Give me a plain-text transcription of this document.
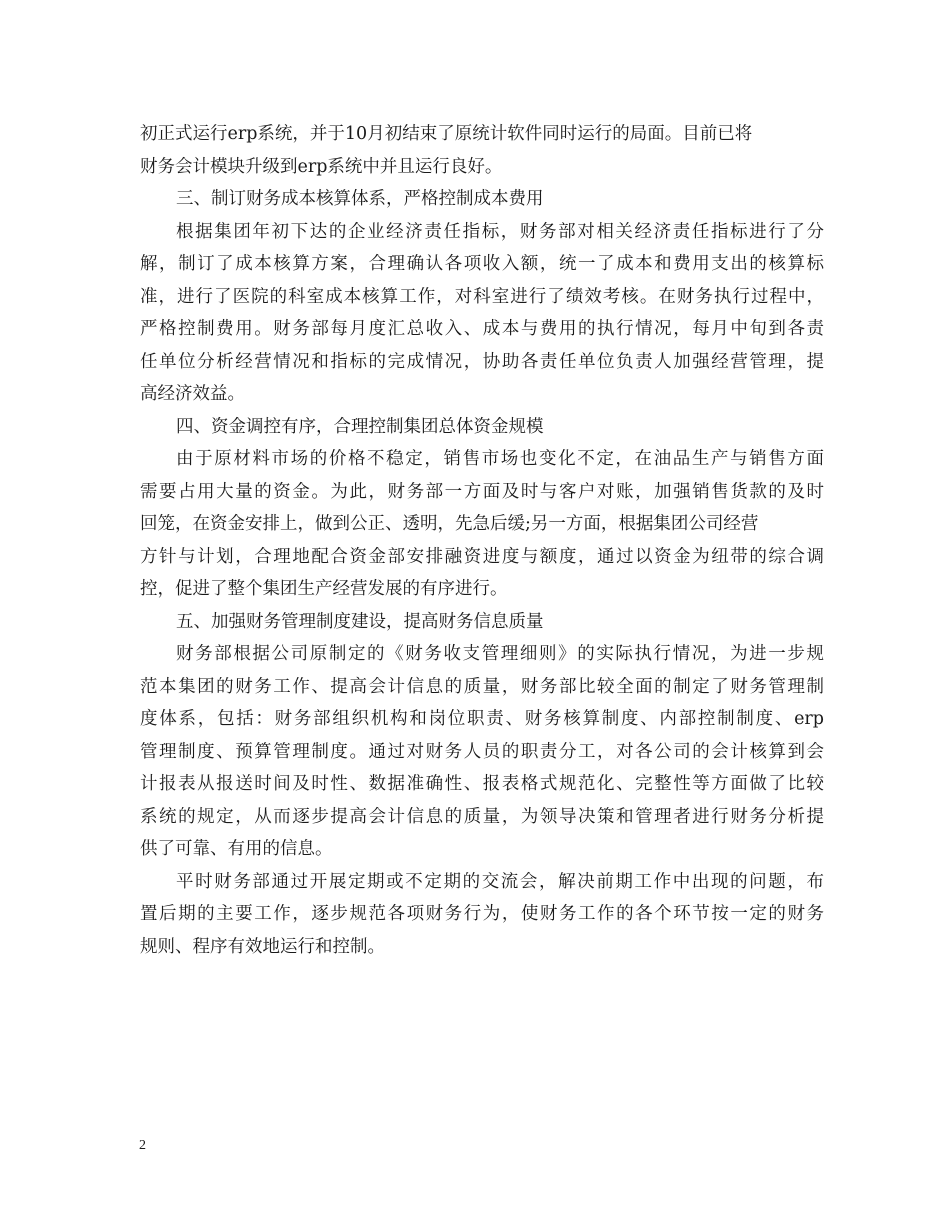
初正式运行erp系统，并于10月初结束了原统计软件同时运行的局面。目前已将
财务会计模块升级到erp系统中并且运行良好。
三、制订财务成本核算体系，严格控制成本费用
根据集团年初下达的企业经济责任指标，财务部对相关经济责任指标进行了分
解，制订了成本核算方案，合理确认各项收入额，统一了成本和费用支出的核算标
准，进行了医院的科室成本核算工作，对科室进行了绩效考核。在财务执行过程中，
严格控制费用。财务部每月度汇总收入、成本与费用的执行情况，每月中旬到各责
任单位分析经营情况和指标的完成情况，协助各责任单位负责人加强经营管理，提
高经济效益。
四、资金调控有序，合理控制集团总体资金规模
由于原材料市场的价格不稳定，销售市场也变化不定，在油品生产与销售方面
需要占用大量的资金。为此，财务部一方面及时与客户对账，加强销售货款的及时
回笼，在资金安排上，做到公正、透明，先急后缓;另一方面，根据集团公司经营
方针与计划，合理地配合资金部安排融资进度与额度，通过以资金为纽带的综合调
控，促进了整个集团生产经营发展的有序进行。
五、加强财务管理制度建设，提高财务信息质量
财务部根据公司原制定的《财务收支管理细则》的实际执行情况，为进一步规
范本集团的财务工作、提高会计信息的质量，财务部比较全面的制定了财务管理制
度体系，包括：财务部组织机构和岗位职责、财务核算制度、内部控制制度、erp
管理制度、预算管理制度。通过对财务人员的职责分工，对各公司的会计核算到会
计报表从报送时间及时性、数据准确性、报表格式规范化、完整性等方面做了比较
系统的规定，从而逐步提高会计信息的质量，为领导决策和管理者进行财务分析提
供了可靠、有用的信息。
平时财务部通过开展定期或不定期的交流会，解决前期工作中出现的问题，布
置后期的主要工作，逐步规范各项财务行为，使财务工作的各个环节按一定的财务
规则、程序有效地运行和控制。
2
